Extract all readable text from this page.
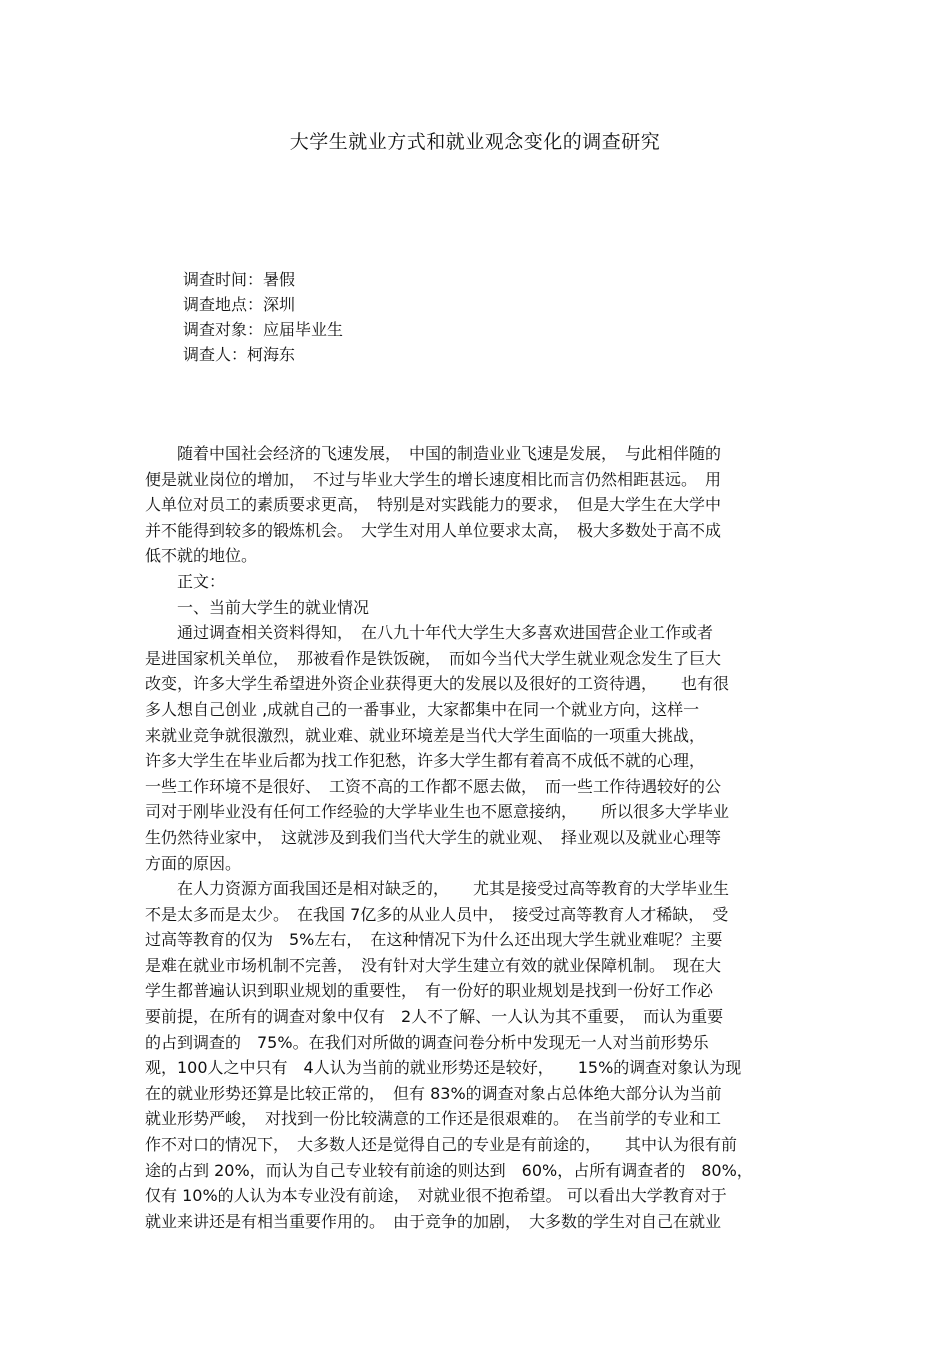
大学生就业方式和就业观念变化的调查研究
调查时间：暑假
调查地点：深圳
调查对象：应届毕业生
调查人：柯海东
　　随着中国社会经济的飞速发展，　中国的制造业业飞速是发展，　与此相伴随的
便是就业岗位的增加，　不过与毕业大学生的增长速度相比而言仍然相距甚远。　用
人单位对员工的素质要求更高，　特别是对实践能力的要求，　但是大学生在大学中
并不能得到较多的锻炼机会。　大学生对用人单位要求太高，　极大多数处于高不成
低不就的地位。
　　正文：
　　一、当前大学生的就业情况
　　通过调查相关资料得知，　在八九十年代大学生大多喜欢进国营企业工作或者
是进国家机关单位，　那被看作是铁饭碗，　而如今当代大学生就业观念发生了巨大
改变，许多大学生希望进外资企业获得更大的发展以及很好的工资待遇，　　也有很
多人想自己创业 ,成就自己的一番事业，大家都集中在同一个就业方向，这样一
来就业竞争就很激烈，就业难、就业环境差是当代大学生面临的一项重大挑战，
许多大学生在毕业后都为找工作犯愁，许多大学生都有着高不成低不就的心理，
一些工作环境不是很好、　工资不高的工作都不愿去做，　而一些工作待遇较好的公
司对于刚毕业没有任何工作经验的大学毕业生也不愿意接纳，　　所以很多大学毕业
生仍然待业家中，　这就涉及到我们当代大学生的就业观、　择业观以及就业心理等
方面的原因。
　　在人力资源方面我国还是相对缺乏的，　　尤其是接受过高等教育的大学毕业生
不是太多而是太少。　在我国 7亿多的从业人员中，　接受过高等教育人才稀缺，　受
过高等教育的仅为　5%左右，　在这种情况下为什么还出现大学生就业难呢？主要
是难在就业市场机制不完善，　没有针对大学生建立有效的就业保障机制。　现在大
学生都普遍认识到职业规划的重要性，　有一份好的职业规划是找到一份好工作必
要前提，在所有的调查对象中仅有　2人不了解、一人认为其不重要，　而认为重要
的占到调查的　75%。在我们对所做的调查问卷分析中发现无一人对当前形势乐
观，100人之中只有　4人认为当前的就业形势还是较好，　　15%的调查对象认为现
在的就业形势还算是比较正常的，　但有 83%的调查对象占总体绝大部分认为当前
就业形势严峻，　对找到一份比较满意的工作还是很艰难的。　在当前学的专业和工
作不对口的情况下，　大多数人还是觉得自己的专业是有前途的，　　其中认为很有前
途的占到 20%，而认为自己专业较有前途的则达到　60%，占所有调查者的　80%，
仅有 10%的人认为本专业没有前途，　对就业很不抱希望。 可以看出大学教育对于
就业来讲还是有相当重要作用的。　由于竞争的加剧，　大多数的学生对自己在就业
